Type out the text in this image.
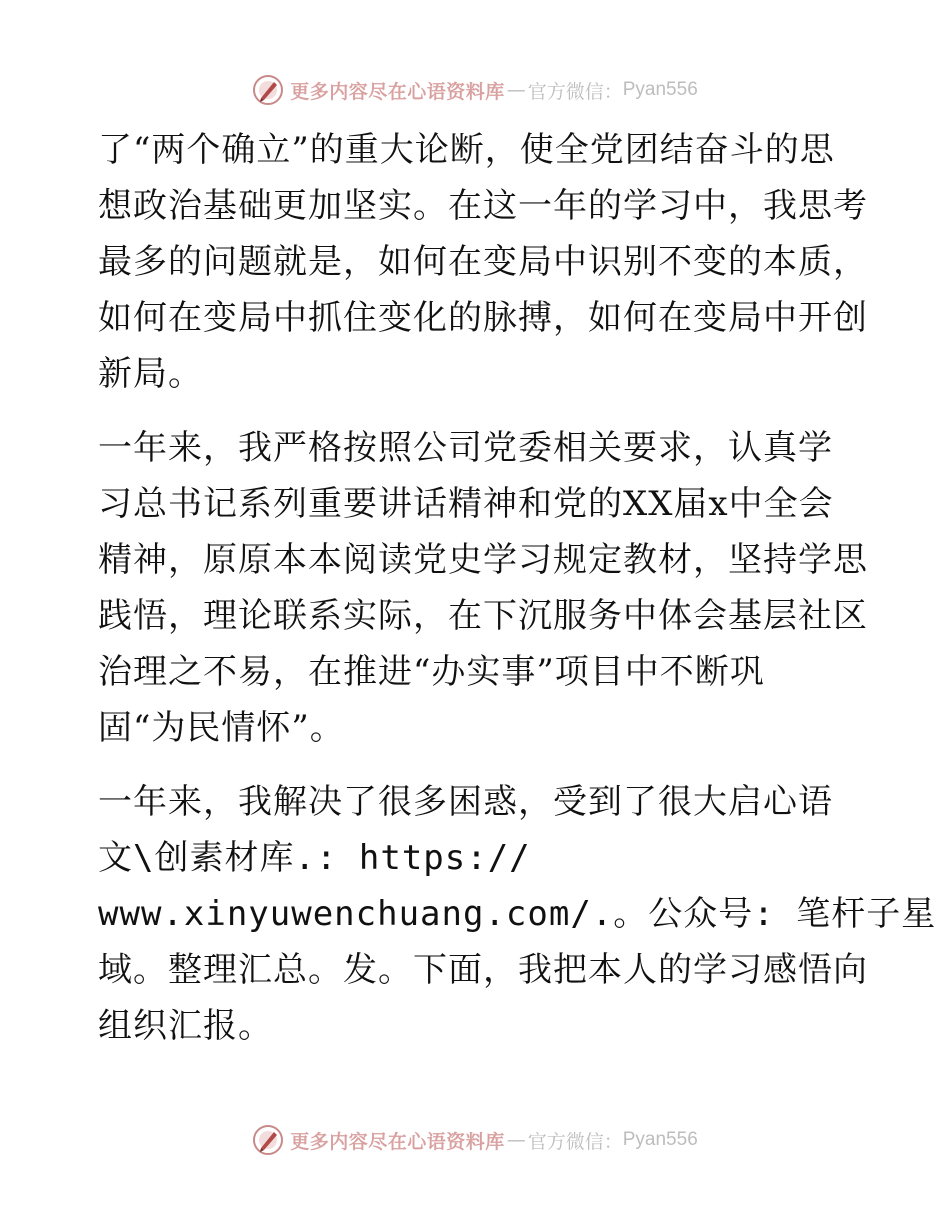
更多内容尽在心语资料库 — 官方微信： Pyan556
了“两个确立”的重大论断，使全党团结奋斗的思
想政治基础更加坚实。在这一年的学习中，我思考
最多的问题就是，如何在变局中识别不变的本质，
如何在变局中抓住变化的脉搏，如何在变局中开创
新局。
一年来，我严格按照公司党委相关要求，认真学
习总书记系列重要讲话精神和党的XX届x中全会
精神，原原本本阅读党史学习规定教材，坚持学思
践悟，理论联系实际，在下沉服务中体会基层社区
治理之不易，在推进“办实事”项目中不断巩
固“为民情怀”。
一年来，我解决了很多困惑，受到了很大启心语
文\创素材库.: https://
www.xinyuwenchuang.com/.。公众号: 笔杆子星
域。整理汇总。发。下面，我把本人的学习感悟向
组织汇报。
更多内容尽在心语资料库 — 官方微信： Pyan556
